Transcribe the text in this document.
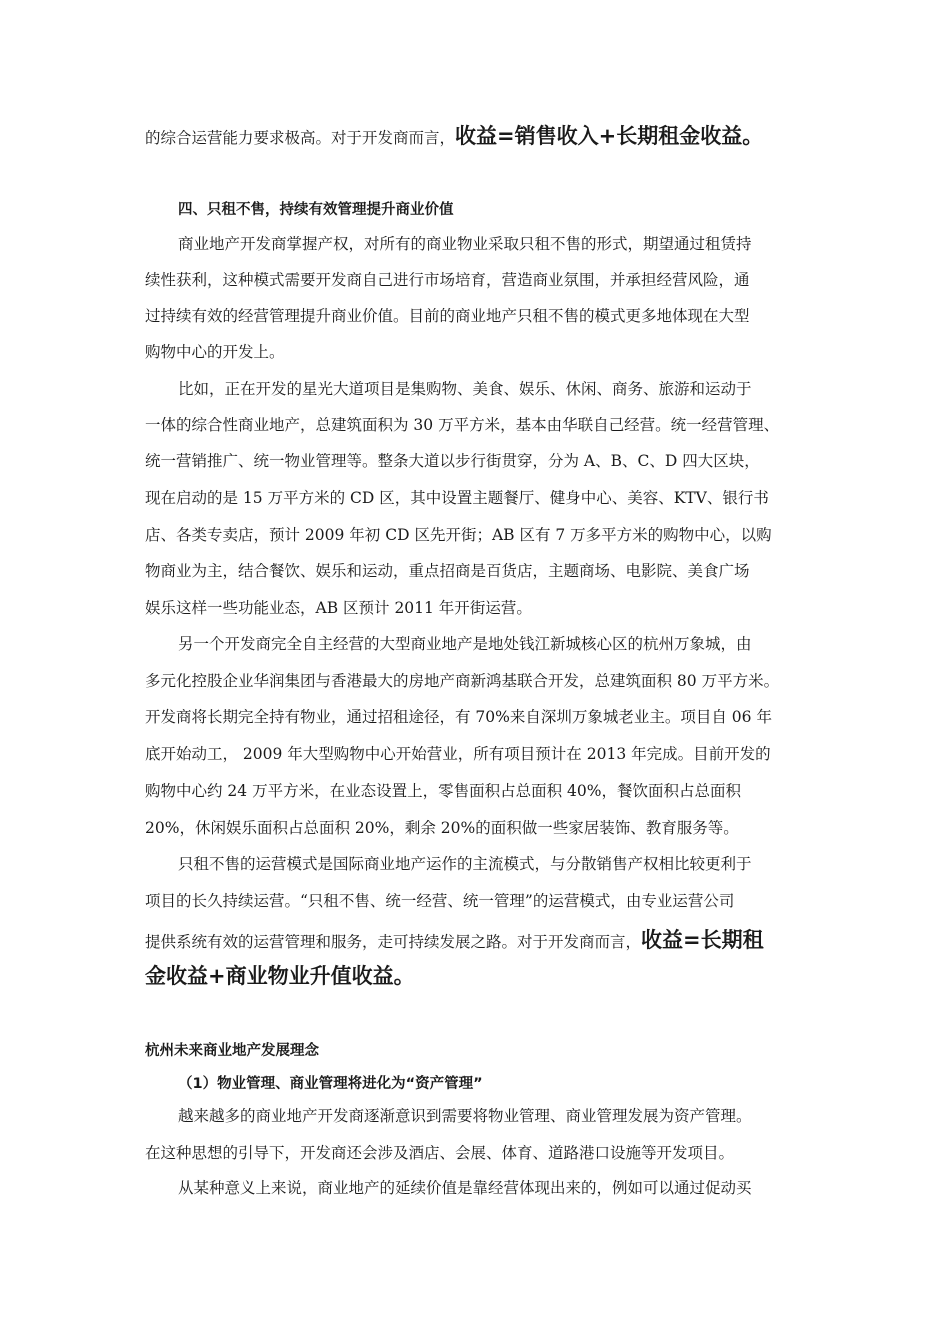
的综合运营能力要求极高。对于开发商而言，收益=销售收入+长期租金收益。
四、只租不售，持续有效管理提升商业价值
商业地产开发商掌握产权，对所有的商业物业采取只租不售的形式，期望通过租赁持
续性获利，这种模式需要开发商自己进行市场培育，营造商业氛围，并承担经营风险，通
过持续有效的经营管理提升商业价值。目前的商业地产只租不售的模式更多地体现在大型
购物中心的开发上。
比如，正在开发的星光大道项目是集购物、美食、娱乐、休闲、商务、旅游和运动于
一体的综合性商业地产，总建筑面积为 30 万平方米，基本由华联自己经营。统一经营管理、
统一营销推广、统一物业管理等。整条大道以步行街贯穿，分为 A、B、C、D 四大区块，
现在启动的是 15 万平方米的 CD 区，其中设置主题餐厅、健身中心、美容、KTV、银行书
店、各类专卖店，预计 2009 年初 CD 区先开街；AB 区有 7 万多平方米的购物中心，以购
物商业为主，结合餐饮、娱乐和运动，重点招商是百货店，主题商场、电影院、美食广场
娱乐这样一些功能业态，AB 区预计 2011 年开街运营。
另一个开发商完全自主经营的大型商业地产是地处钱江新城核心区的杭州万象城，由
多元化控股企业华润集团与香港最大的房地产商新鸿基联合开发，总建筑面积 80 万平方米。
开发商将长期完全持有物业，通过招租途径，有 70%来自深圳万象城老业主。项目自 06 年
底开始动工， 2009 年大型购物中心开始营业，所有项目预计在 2013 年完成。目前开发的
购物中心约 24 万平方米，在业态设置上，零售面积占总面积 40%，餐饮面积占总面积
20%，休闲娱乐面积占总面积 20%，剩余 20%的面积做一些家居装饰、教育服务等。
只租不售的运营模式是国际商业地产运作的主流模式，与分散销售产权相比较更利于
项目的长久持续运营。“只租不售、统一经营、统一管理”的运营模式，由专业运营公司
提供系统有效的运营管理和服务，走可持续发展之路。对于开发商而言，收益=长期租
金收益+商业物业升值收益。
杭州未来商业地产发展理念
（1）物业管理、商业管理将进化为“资产管理”
越来越多的商业地产开发商逐渐意识到需要将物业管理、商业管理发展为资产管理。
在这种思想的引导下，开发商还会涉及酒店、会展、体育、道路港口设施等开发项目。
从某种意义上来说，商业地产的延续价值是靠经营体现出来的，例如可以通过促动买
